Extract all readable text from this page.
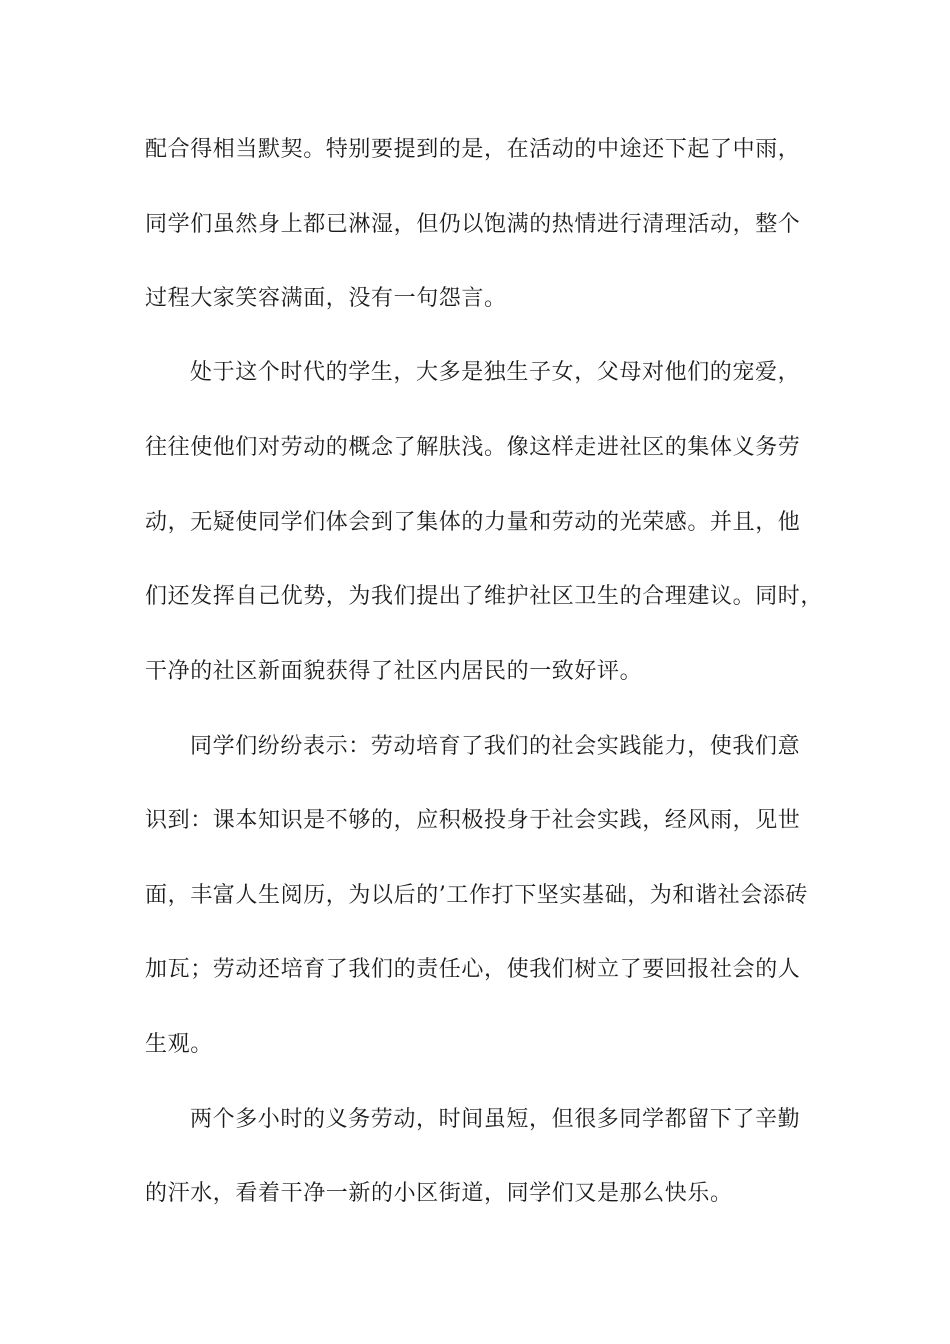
配合得相当默契。特别要提到的是，在活动的中途还下起了中雨，
同学们虽然身上都已淋湿，但仍以饱满的热情进行清理活动，整个
过程大家笑容满面，没有一句怨言。
处于这个时代的学生，大多是独生子女，父母对他们的宠爱，
往往使他们对劳动的概念了解肤浅。像这样走进社区的集体义务劳
动，无疑使同学们体会到了集体的力量和劳动的光荣感。并且，他
们还发挥自己优势，为我们提出了维护社区卫生的合理建议。同时，
干净的社区新面貌获得了社区内居民的一致好评。
同学们纷纷表示：劳动培育了我们的社会实践能力，使我们意
识到：课本知识是不够的，应积极投身于社会实践，经风雨，见世
面，丰富人生阅历，为以后的’工作打下坚实基础，为和谐社会添砖
加瓦；劳动还培育了我们的责任心，使我们树立了要回报社会的人
生观。
两个多小时的义务劳动，时间虽短，但很多同学都留下了辛勤
的汗水，看着干净一新的小区街道，同学们又是那么快乐。
